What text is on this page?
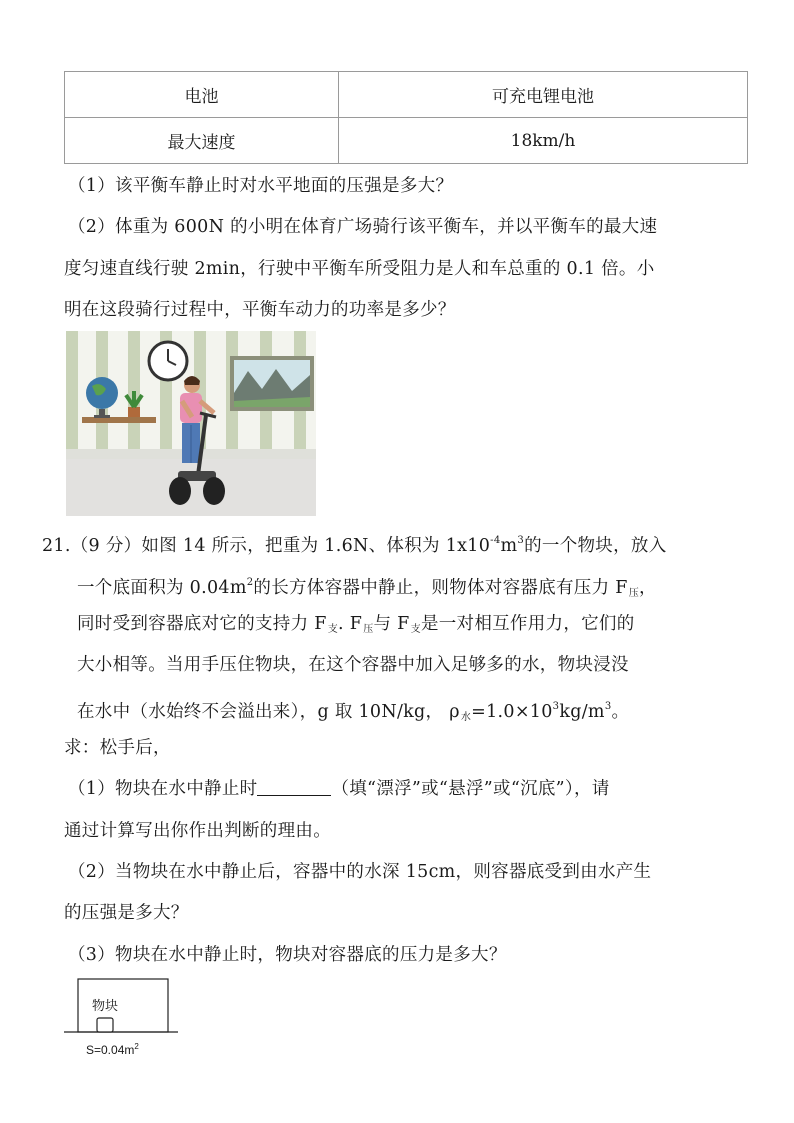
电池	可充电锂电池
最大速度	18km/h
（1）该平衡车静止时对水平地面的压强是多大？
（2）体重为 600N 的小明在体育广场骑行该平衡车，并以平衡车的最大速
度匀速直线行驶 2min，行驶中平衡车所受阻力是人和车总重的 0.1 倍。小
明在这段骑行过程中，平衡车动力的功率是多少？
21.（9 分）如图 14 所示，把重为 1.6N、体积为 $1x10^{-4}m^3$的一个物块，放入
一个底面积为 $0.04m^2$的长方体容器中静止，则物体对容器底有压力 $F_压$，
同时受到容器底对它的支持力 $F_支$. $F_压$与 $F_支$是一对相互作用力，它们的
大小相等。当用手压住物块，在这个容器中加入足够多的水，物块浸没
在水中（水始终不会溢出来），g 取 10N/kg， $\rho_水=1.0\times 10^3kg/m^3$。
求：松手后，
（1）物块在水中静止时	（填“漂浮”或“悬浮”或“沉底”），请
通过计算写出你作出判断的理由。
（2）当物块在水中静止后，容器中的水深 15cm，则容器底受到由水产生
的压强是多大？
（3）物块在水中静止时，物块对容器底的压力是多大？
物块
$S=0.04m^2$
